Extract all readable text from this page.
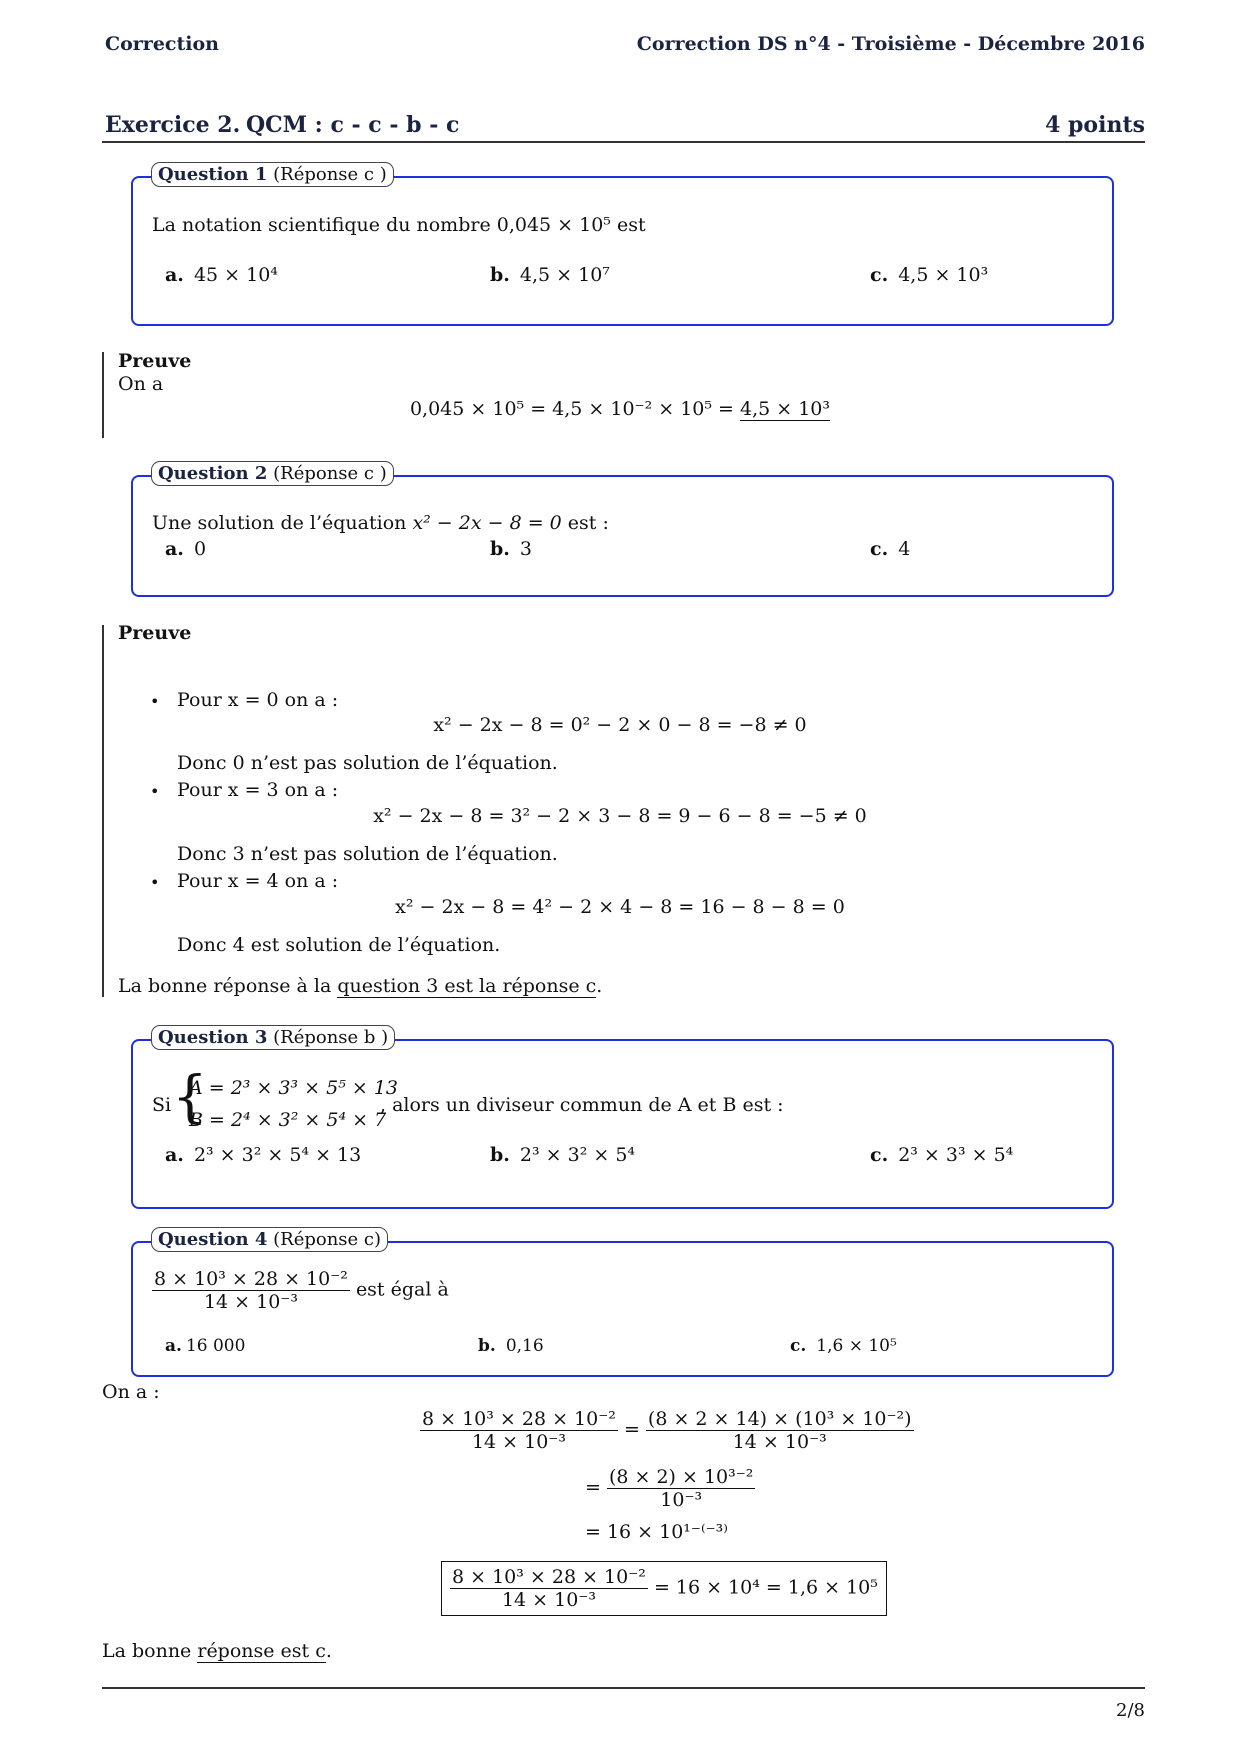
Correction	Correction DS n°4 - Troisième - Décembre 2016
Exercice 2. QCM : c - c - b - c	4 points
Question 1 (Réponse c )
La notation scientifique du nombre 0,045 × 10⁵ est
a. 45 × 10⁴	b. 4,5 × 10⁷	c. 4,5 × 10³
Preuve
On a
0,045 × 10⁵ = 4,5 × 10⁻² × 10⁵ = 4,5 × 10³
Question 2 (Réponse c )
Une solution de l’équation x² − 2x − 8 = 0 est :
a. 0	b. 3	c. 4
Preuve
• Pour x = 0 on a :
x² − 2x − 8 = 0² − 2 × 0 − 8 = −8 ≠ 0
Donc 0 n’est pas solution de l’équation.
• Pour x = 3 on a :
x² − 2x − 8 = 3² − 2 × 3 − 8 = 9 − 6 − 8 = −5 ≠ 0
Donc 3 n’est pas solution de l’équation.
• Pour x = 4 on a :
x² − 2x − 8 = 4² − 2 × 4 − 8 = 16 − 8 − 8 = 0
Donc 4 est solution de l’équation.
La bonne réponse à la question 3 est la réponse c.
Question 3 (Réponse b )
Si {
A = 2³ × 3³ × 5⁵ × 13
B = 2⁴ × 3² × 5⁴ × 7
, alors un diviseur commun de A et B est :
a. 2³ × 3² × 5⁴ × 13	b. 2³ × 3² × 5⁴	c. 2³ × 3³ × 5⁴
Question 4 (Réponse c)
$\frac{\text{8 × 10³ × 28 × 10⁻²}}{\text{14 × 10⁻³}}$ est égal à
a. 16 000	b. 0,16	c. 1,6 × 10⁵
On a :
$\frac{\text{8 × 10³ × 28 × 10⁻²}}{\text{14 × 10⁻³}} = \frac{\text{(8 × 2 × 14) × (10³ × 10⁻²)}}{\text{14 × 10⁻³}}$
= $\frac{\text{(8 × 2) × 10³⁻²}}{\text{10⁻³}}$
= 16 × 10¹⁻⁽⁻³⁾
$\frac{\text{8 × 10³ × 28 × 10⁻²}}{\text{14 × 10⁻³}} = 16 \times 10^4 = 1,6 \times 10^5$
La bonne réponse est c.
2/8
